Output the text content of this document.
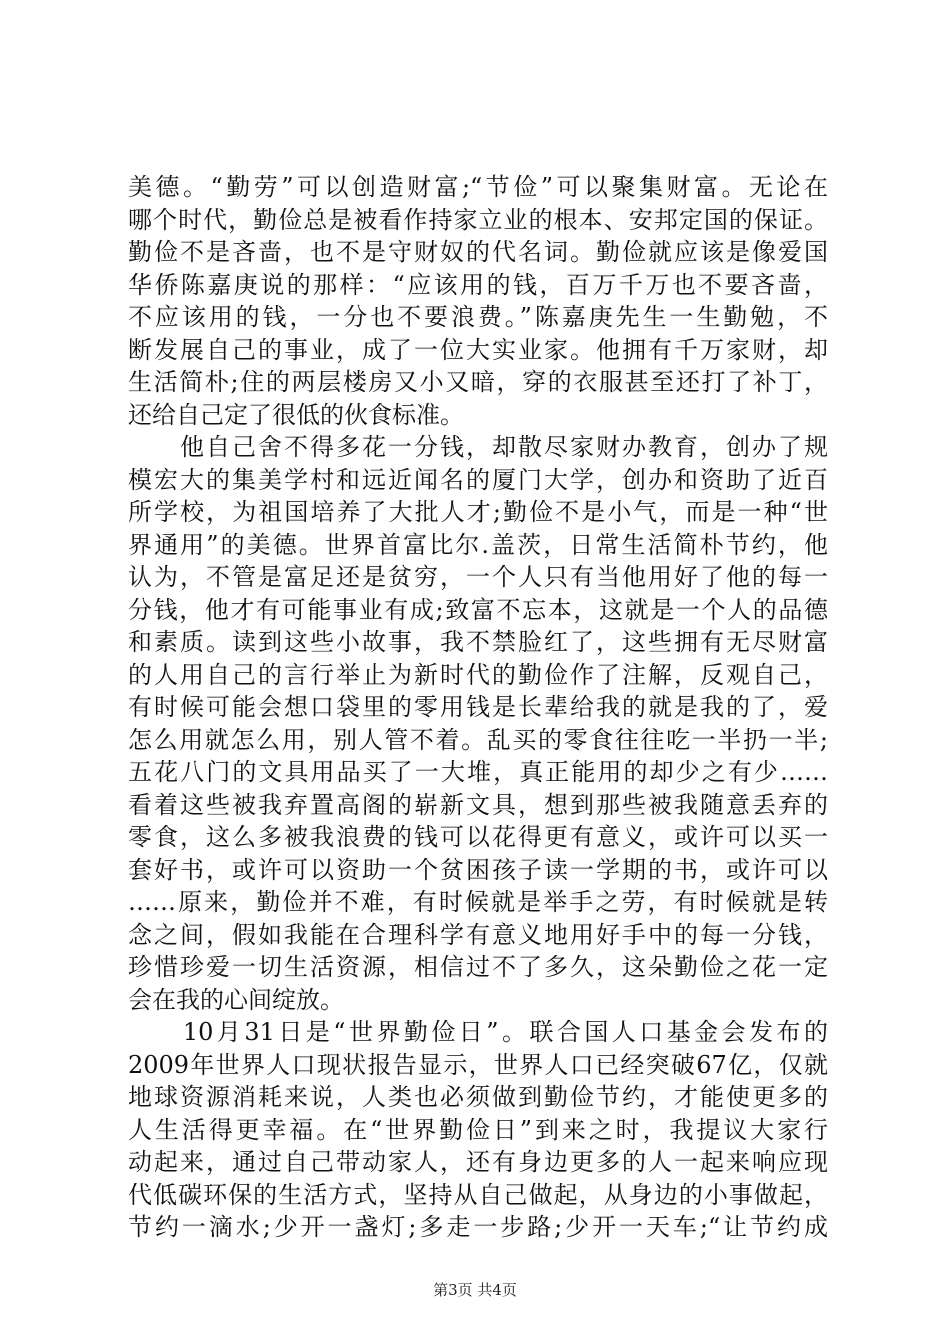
美德。“勤劳”可以创造财富;“节俭”可以聚集财富。无论在
哪个时代，勤俭总是被看作持家立业的根本、安邦定国的保证。
勤俭不是吝啬，也不是守财奴的代名词。勤俭就应该是像爱国
华侨陈嘉庚说的那样：“应该用的钱，百万千万也不要吝啬，
不应该用的钱，一分也不要浪费。”陈嘉庚先生一生勤勉，不
断发展自己的事业，成了一位大实业家。他拥有千万家财，却
生活简朴;住的两层楼房又小又暗，穿的衣服甚至还打了补丁，
还给自己定了很低的伙食标准。
　　他自己舍不得多花一分钱，却散尽家财办教育，创办了规
模宏大的集美学村和远近闻名的厦门大学，创办和资助了近百
所学校，为祖国培养了大批人才;勤俭不是小气，而是一种“世
界通用”的美德。世界首富比尔.盖茨，日常生活简朴节约，他
认为，不管是富足还是贫穷，一个人只有当他用好了他的每一
分钱，他才有可能事业有成;致富不忘本，这就是一个人的品德
和素质。读到这些小故事，我不禁脸红了，这些拥有无尽财富
的人用自己的言行举止为新时代的勤俭作了注解，反观自己，
有时候可能会想口袋里的零用钱是长辈给我的就是我的了，爱
怎么用就怎么用，别人管不着。乱买的零食往往吃一半扔一半;
五花八门的文具用品买了一大堆，真正能用的却少之有少……
看着这些被我弃置高阁的崭新文具，想到那些被我随意丢弃的
零食，这么多被我浪费的钱可以花得更有意义，或许可以买一
套好书，或许可以资助一个贫困孩子读一学期的书，或许可以
……原来，勤俭并不难，有时候就是举手之劳，有时候就是转
念之间，假如我能在合理科学有意义地用好手中的每一分钱，
珍惜珍爱一切生活资源，相信过不了多久，这朵勤俭之花一定
会在我的心间绽放。
　　10月31日是“世界勤俭日”。联合国人口基金会发布的
2009年世界人口现状报告显示，世界人口已经突破67亿，仅就
地球资源消耗来说，人类也必须做到勤俭节约，才能使更多的
人生活得更幸福。在“世界勤俭日”到来之时，我提议大家行
动起来，通过自己带动家人，还有身边更多的人一起来响应现
代低碳环保的生活方式，坚持从自己做起，从身边的小事做起，
节约一滴水;少开一盏灯;多走一步路;少开一天车;“让节约成
第3页 共4页
